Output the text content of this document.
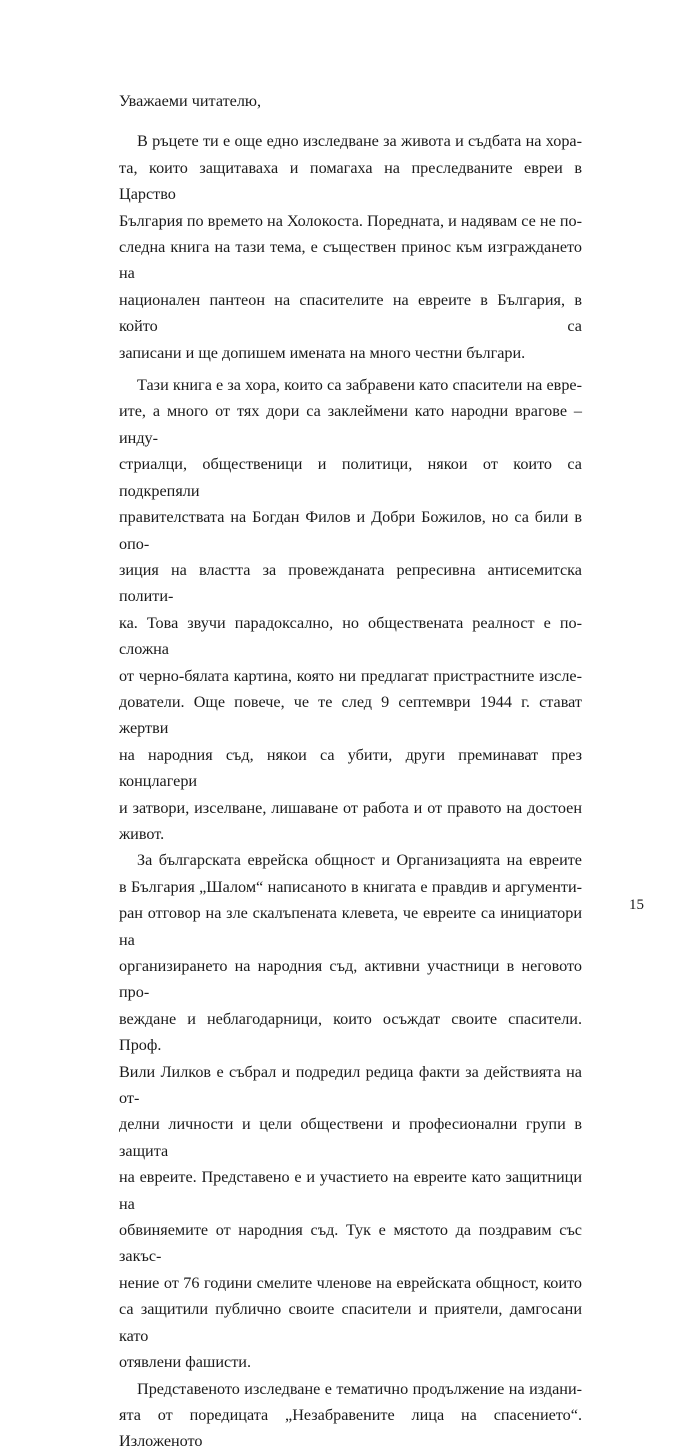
Уважаеми читателю,
В ръцете ти е още едно изследване за живота и съдбата на хора-
та, които защитаваха и помагаха на преследваните евреи в Царство
България по времето на Холокоста. Поредната, и надявам се не по-
следна книга на тази тема, е съществен принос към изграждането на
национален пантеон на спасителите на евреите в България, в който са
записани и ще допишем имената на много честни българи.
Тази книга е за хора, които са забравени като спасители на евре-
ите, а много от тях дори са заклеймени като народни врагове – инду-
стриалци, общественици и политици, някои от които са подкрепяли
правителствата на Богдан Филов и Добри Божилов, но са били в опо-
зиция на властта за провежданата репресивна антисемитска полити-
ка. Това звучи парадоксално, но обществената реалност е по-сложна
от черно-бялата картина, която ни предлагат пристрастните изсле-
дователи. Още повече, че те след 9 септември 1944 г. стават жертви
на народния съд, някои са убити, други преминават през концлагери
и затвори, изселване, лишаване от работа и от правото на достоен
живот.
За българската еврейска общност и Организацията на евреите
в България „Шалом“ написаното в книгата е правдив и аргументи-
ран отговор на зле скалъпената клевета, че евреите са инициатори на
организирането на народния съд, активни участници в неговото про-
веждане и неблагодарници, които осъждат своите спасители. Проф.
Вили Лилков е събрал и подредил редица факти за действията на от-
делни личности и цели обществени и професионални групи в защита
на евреите. Представено е и участието на евреите като защитници на
обвиняемите от народния съд. Тук е мястото да поздравим със закъс-
нение от 76 години смелите членове на еврейската общност, които
са защитили публично своите спасители и приятели, дамгосани като
отявлени фашисти.
Представеното изследване е тематично продължение на издани-
ята от поредицата „Незабравените лица на спасението“. Изложеното
15
